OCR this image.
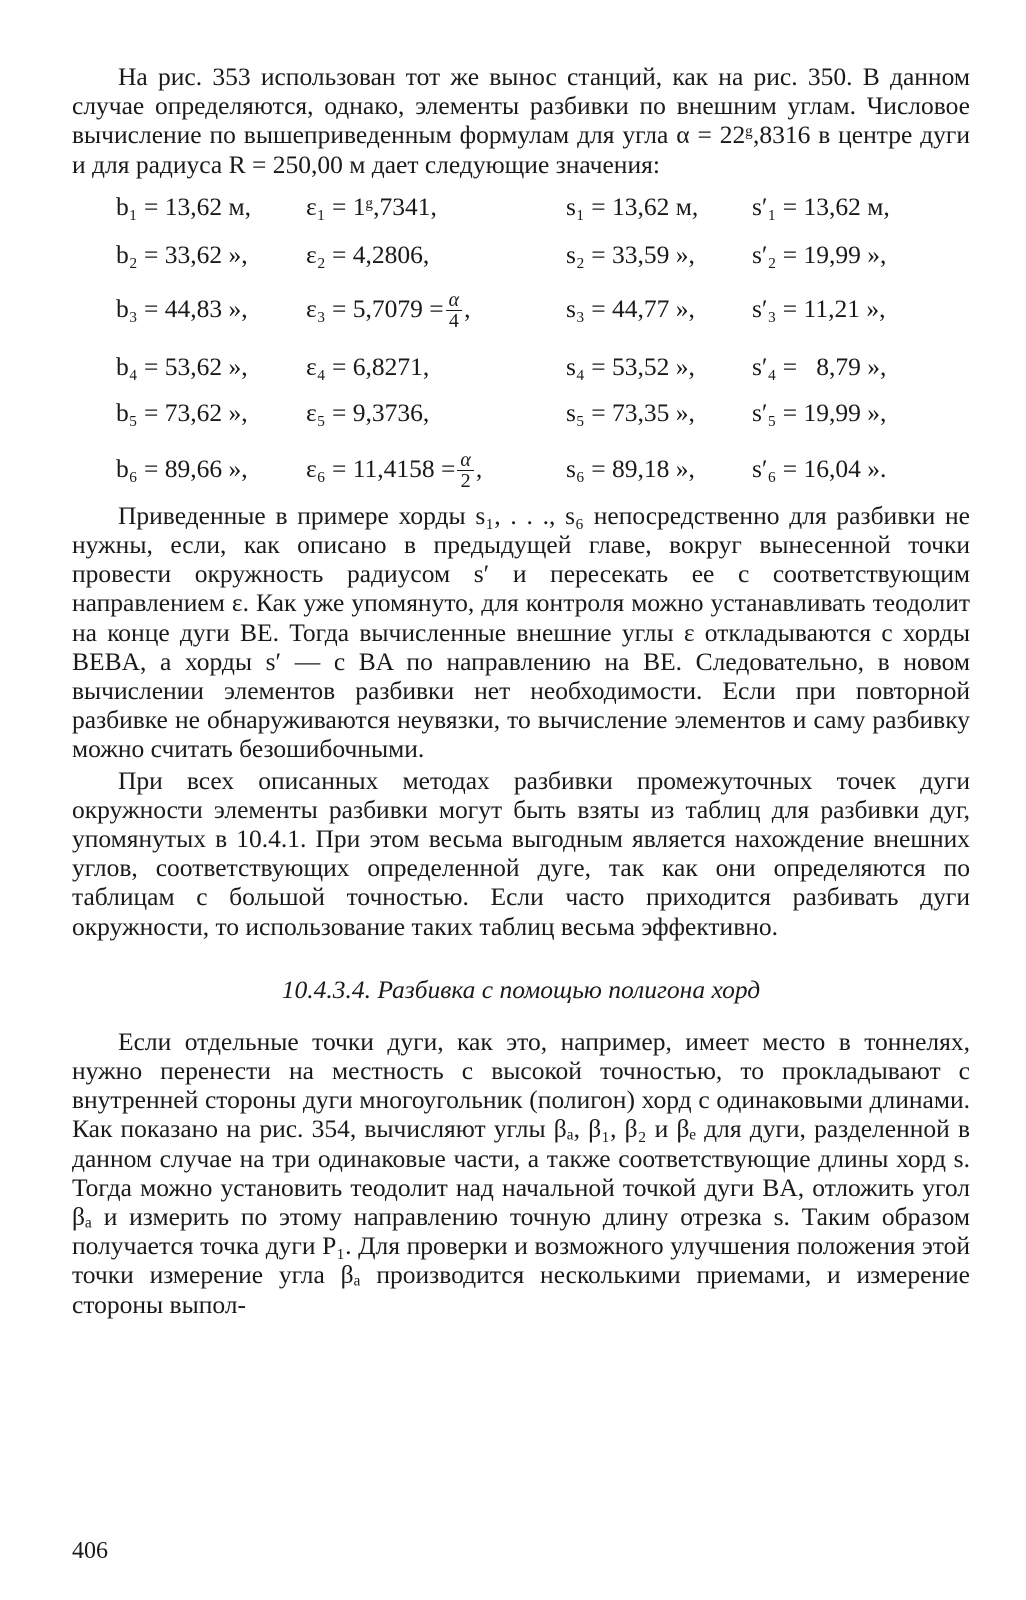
На рис. 353 использован тот же вынос станций, как на рис. 350. В данном случае определяются, однако, элементы разбивки по внешним углам. Числовое вычисление по вышеприведенным формулам для угла α = 22ᵍ,8316 в центре дуги и для радиуса R = 250,00 м дает следующие значения:

b₁ = 13,62 м, ε₁ = 1ᵍ,7341,	s₁ = 13,62 м, s′₁ = 13,62 м,
b₂ = 33,62 », ε₂ = 4,2806,	s₂ = 33,59 », s′₂ = 19,99 »,
b₃ = 44,83 », $\varepsilon_3 = 5,7079 = \frac{\alpha}{4}$ ,	s₃ = 44,77 », s′₃ = 11,21 »,
b₄ = 53,62 », ε₄ = 6,8271,	s₄ = 53,52 », s′₄ =   8,79 »,
b₅ = 73,62 », ε₅ = 9,3736,	s₅ = 73,35 », s′₅ = 19,99 »,
b₆ = 89,66 », $\varepsilon_6 = 11,4158 = \frac{\alpha}{2}$ ,	s₆ = 89,18 », s′₆ = 16,04 ».

Приведенные в примере хорды s₁, . . ., s₆ непосредственно для разбивки не нужны, если, как описано в предыдущей главе, вокруг вынесенной точки провести окружность радиусом s′ и пересекать ее с соответствующим направлением ε. Как уже упомянуто, для контроля можно устанавливать теодолит на конце дуги BE. Тогда вычисленные внешние углы ε откладываются с хорды BEBA, а хорды s′ — с BA по направлению на BE. Следовательно, в новом вычислении элементов разбивки нет необходимости. Если при повторной разбивке не обнаруживаются неувязки, то вычисление элементов и саму разбивку можно считать безошибочными.

При всех описанных методах разбивки промежуточных точек дуги окружности элементы разбивки могут быть взяты из таблиц для разбивки дуг, упомянутых в 10.4.1. При этом весьма выгодным является нахождение внешних углов, соответствующих определенной дуге, так как они определяются по таблицам с большой точностью. Если часто приходится разбивать дуги окружности, то использование таких таблиц весьма эффективно.

10.4.3.4. Разбивка с помощью полигона хорд

Если отдельные точки дуги, как это, например, имеет место в тоннелях, нужно перенести на местность с высокой точностью, то прокладывают с внутренней стороны дуги многоугольник (полигон) хорд с одинаковыми длинами. Как показано на рис. 354, вычисляют углы βₐ, β₁, β₂ и βₑ для дуги, разделенной в данном случае на три одинаковые части, а также соответствующие длины хорд s. Тогда можно установить теодолит над начальной точкой дуги BA, отложить угол βₐ и измерить по этому направлению точную длину отрезка s. Таким образом получается точка дуги P₁. Для проверки и возможного улучшения положения этой точки измерение угла βₐ производится несколькими приемами, и измерение стороны выпол-

406
